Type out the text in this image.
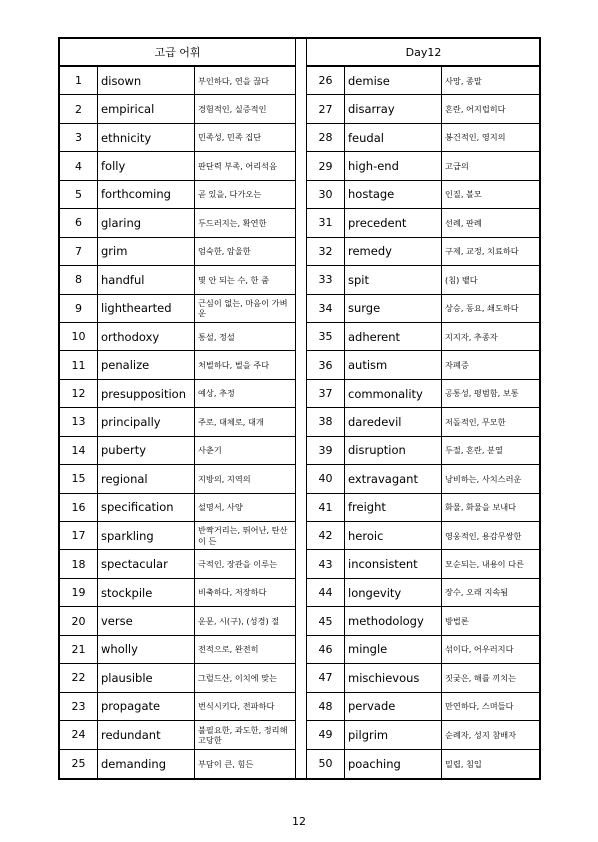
고급 어휘
1	disown	부인하다, 연을 끊다
2	empirical	경험적인, 실증적인
3	ethnicity	민족성, 민족 집단
4	folly	판단력 부족, 어리석음
5	forthcoming	곧 있을, 다가오는
6	glaring	두드러지는, 확연한
7	grim	엄숙한, 암울한
8	handful	몇 안 되는 수, 한 줌
9	lighthearted	근심이 없는, 마음이 가벼운
10	orthodoxy	통설, 정설
11	penalize	처벌하다, 벌을 주다
12	presupposition	예상, 추정
13	principally	주로, 대체로, 대개
14	puberty	사춘기
15	regional	지방의, 지역의
16	specification	설명서, 사양
17	sparkling	반짝거리는, 뛰어난, 탄산이 든
18	spectacular	극적인, 장관을 이루는
19	stockpile	비축하다, 저장하다
20	verse	운문, 시(구), (성경) 절
21	wholly	전적으로, 완전히
22	plausible	그럴드산, 이치에 맞는
23	propagate	번식시키다, 전파하다
24	redundant	불필요한, 과도한, 정리해고당한
25	demanding	부담이 큰, 힘든
Day12
26	demise	사망, 종말
27	disarray	혼란, 어지럽히다
28	feudal	봉건적인, 영지의
29	high-end	고급의
30	hostage	인질, 볼모
31	precedent	선례, 판례
32	remedy	구제, 교정, 치료하다
33	spit	(침) 뱉다
34	surge	상승, 동요, 쇄도하다
35	adherent	지지자, 추종자
36	autism	자폐증
37	commonality	공통성, 평범함, 보통
38	daredevil	저돌적인, 무모한
39	disruption	두절, 혼란, 분열
40	extravagant	낭비하는, 사치스러운
41	freight	화물, 화물을 보내다
42	heroic	영웅적인, 용감무쌍한
43	inconsistent	모순되는, 내용이 다른
44	longevity	장수, 오래 지속됨
45	methodology	방법론
46	mingle	섞이다, 어우러지다
47	mischievous	짓궂은, 해를 끼치는
48	pervade	만연하다, 스며들다
49	pilgrim	순례자, 성지 참배자
50	poaching	밀렵, 침입
12
